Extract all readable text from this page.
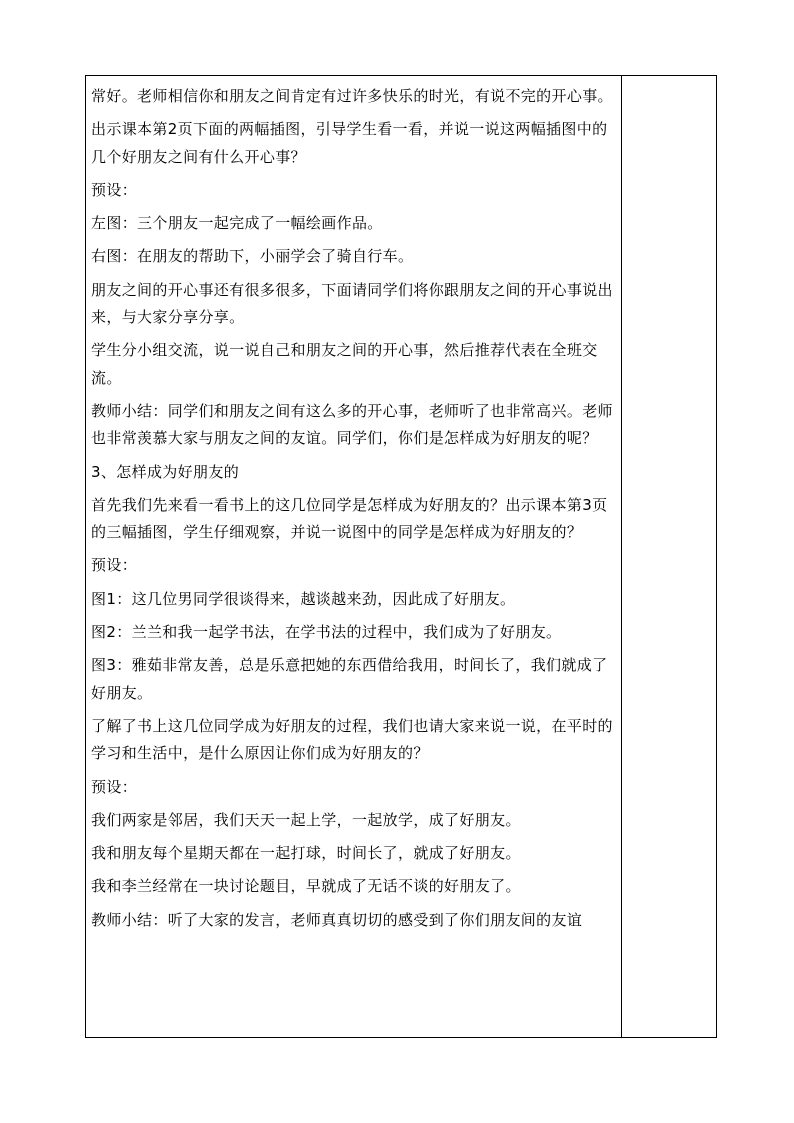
常好。老师相信你和朋友之间肯定有过许多快乐的时光，有说不完的开心事。

出示课本第2页下面的两幅插图，引导学生看一看，并说一说这两幅插图中的几个好朋友之间有什么开心事？

预设：

左图：三个朋友一起完成了一幅绘画作品。

右图：在朋友的帮助下，小丽学会了骑自行车。

朋友之间的开心事还有很多很多，下面请同学们将你跟朋友之间的开心事说出来，与大家分享分享。

学生分小组交流，说一说自己和朋友之间的开心事，然后推荐代表在全班交流。

教师小结：同学们和朋友之间有这么多的开心事，老师听了也非常高兴。老师也非常羡慕大家与朋友之间的友谊。同学们，你们是怎样成为好朋友的呢？

3、怎样成为好朋友的

首先我们先来看一看书上的这几位同学是怎样成为好朋友的？出示课本第3页的三幅插图，学生仔细观察，并说一说图中的同学是怎样成为好朋友的？

预设：

图1：这几位男同学很谈得来，越谈越来劲，因此成了好朋友。

图2：兰兰和我一起学书法，在学书法的过程中，我们成为了好朋友。

图3：雅茹非常友善，总是乐意把她的东西借给我用，时间长了，我们就成了好朋友。

了解了书上这几位同学成为好朋友的过程，我们也请大家来说一说，在平时的学习和生活中，是什么原因让你们成为好朋友的？

预设：

我们两家是邻居，我们天天一起上学，一起放学，成了好朋友。

我和朋友每个星期天都在一起打球，时间长了，就成了好朋友。

我和李兰经常在一块讨论题目，早就成了无话不谈的好朋友了。

教师小结：听了大家的发言，老师真真切切的感受到了你们朋友间的友谊
